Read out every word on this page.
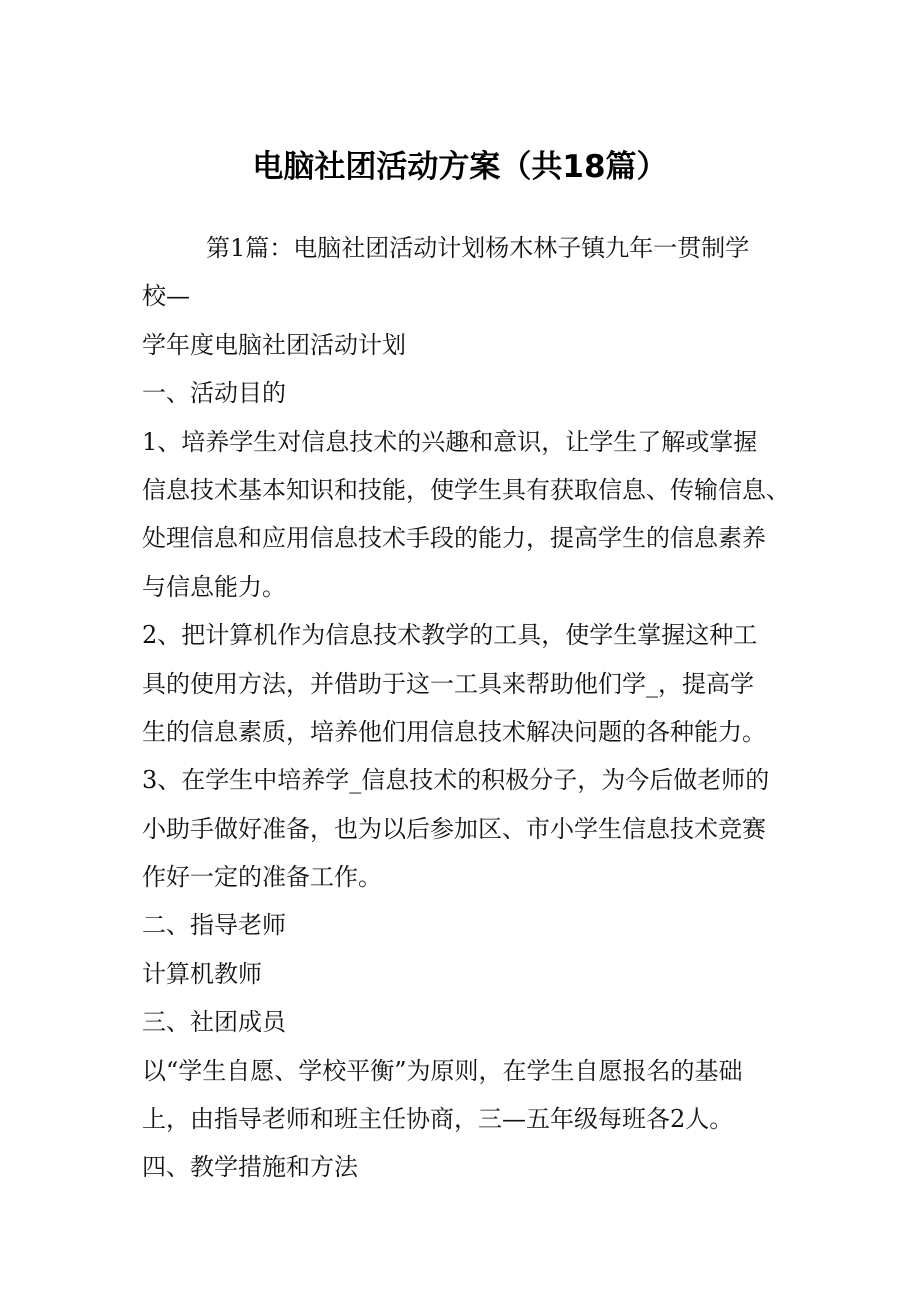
电脑社团活动方案（共18篇）
第1篇：电脑社团活动计划杨木林子镇九年一贯制学
校—
学年度电脑社团活动计划
一、活动目的
1、培养学生对信息技术的兴趣和意识，让学生了解或掌握
信息技术基本知识和技能，使学生具有获取信息、传输信息、
处理信息和应用信息技术手段的能力，提高学生的信息素养
与信息能力。
2、把计算机作为信息技术教学的工具，使学生掌握这种工
具的使用方法，并借助于这一工具来帮助他们学_，提高学
生的信息素质，培养他们用信息技术解决问题的各种能力。
3、在学生中培养学_信息技术的积极分子，为今后做老师的
小助手做好准备，也为以后参加区、市小学生信息技术竞赛
作好一定的准备工作。
二、指导老师
计算机教师
三、社团成员
以“学生自愿、学校平衡”为原则，在学生自愿报名的基础
上，由指导老师和班主任协商，三—五年级每班各2人。
四、教学措施和方法
